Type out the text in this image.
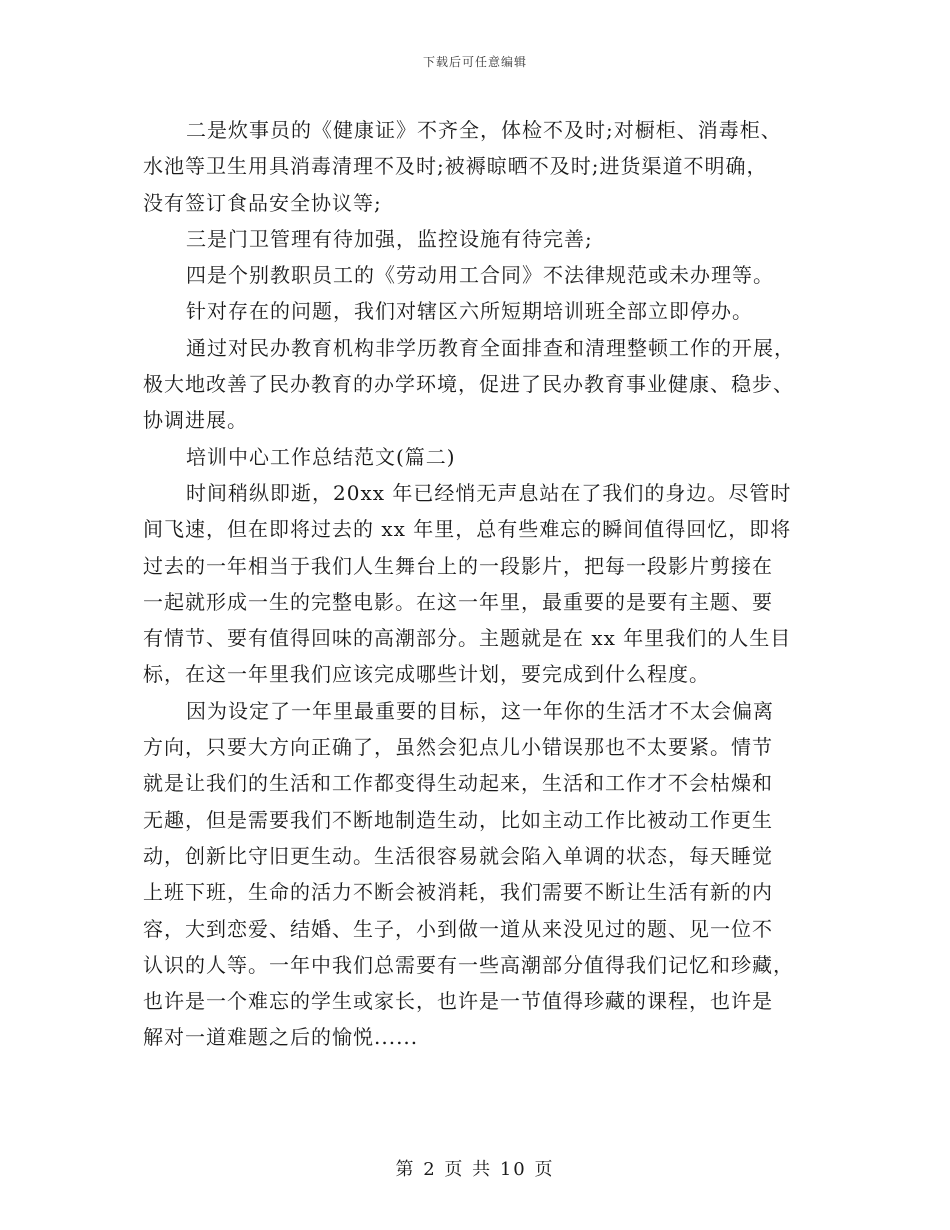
下载后可任意编辑

二是炊事员的《健康证》不齐全，体检不及时;对橱柜、消毒柜、
水池等卫生用具消毒清理不及时;被褥晾晒不及时;进货渠道不明确，
没有签订食品安全协议等;

三是门卫管理有待加强，监控设施有待完善;

四是个别教职员工的《劳动用工合同》不法律规范或未办理等。

针对存在的问题，我们对辖区六所短期培训班全部立即停办。

通过对民办教育机构非学历教育全面排查和清理整顿工作的开展，
极大地改善了民办教育的办学环境，促进了民办教育事业健康、稳步、
协调进展。

培训中心工作总结范文(篇二)

时间稍纵即逝，20xx 年已经悄无声息站在了我们的身边。尽管时
间飞速，但在即将过去的 xx 年里，总有些难忘的瞬间值得回忆，即将
过去的一年相当于我们人生舞台上的一段影片，把每一段影片剪接在
一起就形成一生的完整电影。在这一年里，最重要的是要有主题、要
有情节、要有值得回味的高潮部分。主题就是在 xx 年里我们的人生目
标，在这一年里我们应该完成哪些计划，要完成到什么程度。

因为设定了一年里最重要的目标，这一年你的生活才不太会偏离
方向，只要大方向正确了，虽然会犯点儿小错误那也不太要紧。情节
就是让我们的生活和工作都变得生动起来，生活和工作才不会枯燥和
无趣，但是需要我们不断地制造生动，比如主动工作比被动工作更生
动，创新比守旧更生动。生活很容易就会陷入单调的状态，每天睡觉
上班下班，生命的活力不断会被消耗，我们需要不断让生活有新的内
容，大到恋爱、结婚、生子，小到做一道从来没见过的题、见一位不
认识的人等。一年中我们总需要有一些高潮部分值得我们记忆和珍藏，
也许是一个难忘的学生或家长，也许是一节值得珍藏的课程，也许是
解对一道难题之后的愉悦......

第 2 页 共 10 页
